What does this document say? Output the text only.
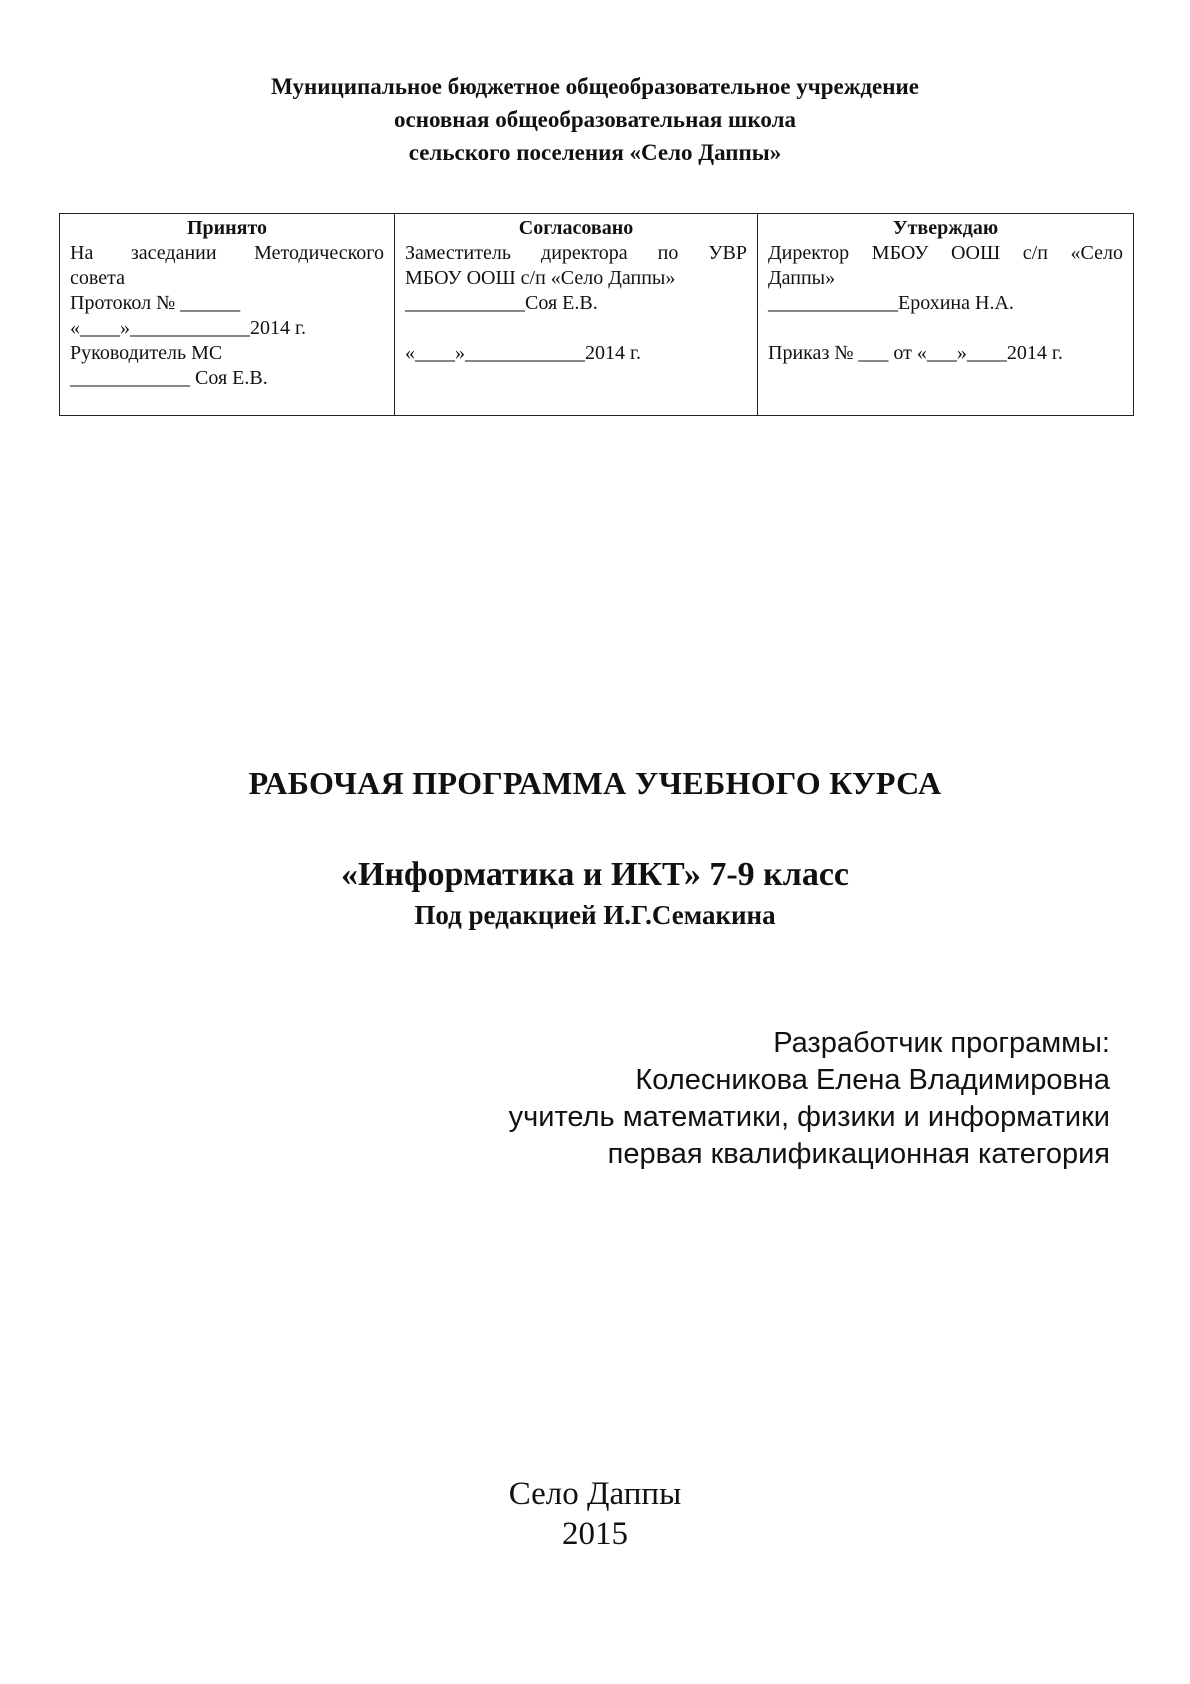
Муниципальное бюджетное общеобразовательное учреждение
основная общеобразовательная школа
сельского поселения «Село Даппы»
Принято
На заседании Методического
совета
Протокол № ______
«____»____________2014 г.
Руководитель МС
____________ Соя Е.В.

Согласовано
Заместитель директора по УВР
МБОУ ООШ с/п «Село Даппы»
____________Соя Е.В.
«____»____________2014 г.

Утверждаю
Директор МБОУ ООШ с/п «Село
Даппы»
_____________Ерохина Н.А.
Приказ № ___ от «___»____2014 г.
РАБОЧАЯ ПРОГРАММА УЧЕБНОГО КУРСА
«Информатика и ИКТ» 7-9 класс
Под редакцией И.Г.Семакина
Разработчик программы:
Колесникова Елена Владимировна
учитель математики, физики и информатики
первая квалификационная категория
Село Даппы
2015
